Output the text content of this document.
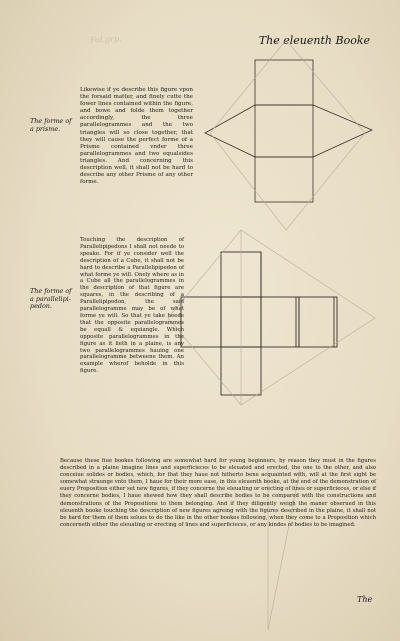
Fol.grp.	The eleuenth Booke
The forme of a prisme.
Likewise if ye describe this figure vpon the forsaid matter, and finely cutte the fower lines contained within the figure, and bowe and folde them together accordingly, the three parallelogrammes and the two triangles will so close together, that they will cause the perfect forme of a Prisme contained vnder three parallelogrammes and two equalsides triangles. And concerning this description well, it shall not be hard to describe any other Prisme of any other forme.
The forme of a parallelipi-pedon.
Touching the description of Parallelipipedons I shall not neede to speake. For if ye consider well the description of a Cube, it shall not be hard to describe a Parallelipipedon of what forme ye will. Onely where as in a Cube all the parallelogrammes in the description of that figure are squares, in the describing of a Parallelipipedon, the said parallelogramme may be of what forme ye will. So that ye take heede that the opposite parallelogrammes be equall & equiangle. Which opposite parallelogrammes in the figure as it lieth in a plaine, is any two parallelogrammes hauing one parallelogramme betweene them. An example wherof beholde in this figure.
Because these fiue bookes following are somewhat hard for young beginners, by reason they must in the figures described in a plaine imagine lines and superficieces to be eleuated and erected, the one to the other, and also conceiue solides or bodies, which, for that they haue not hitherto bene acquainted with, will at the first sight be somewhat straunge vnto them, I haue for their more ease, in this eleuenth booke, at the end of the demonstration of euery Proposition either set new figures, if they concerne the eleuating or erecting of lines or superficieces, or else if they concerne bodies, I haue shewed how they shall describe bodies to be compared with the constructions and demonstrations of the Propositions to them belonging. And if they diligently weigh the maner obserued in this eleuenth booke touching the description of new figures agreing with the figures described in the plaine, it shall not be hard for them of them selues to do the like in the other bookes following, when they come to a Proposition which concerneth either the eleuating or erecting of lines and superficieces, or any kindes of bodies to be imagined.
The
